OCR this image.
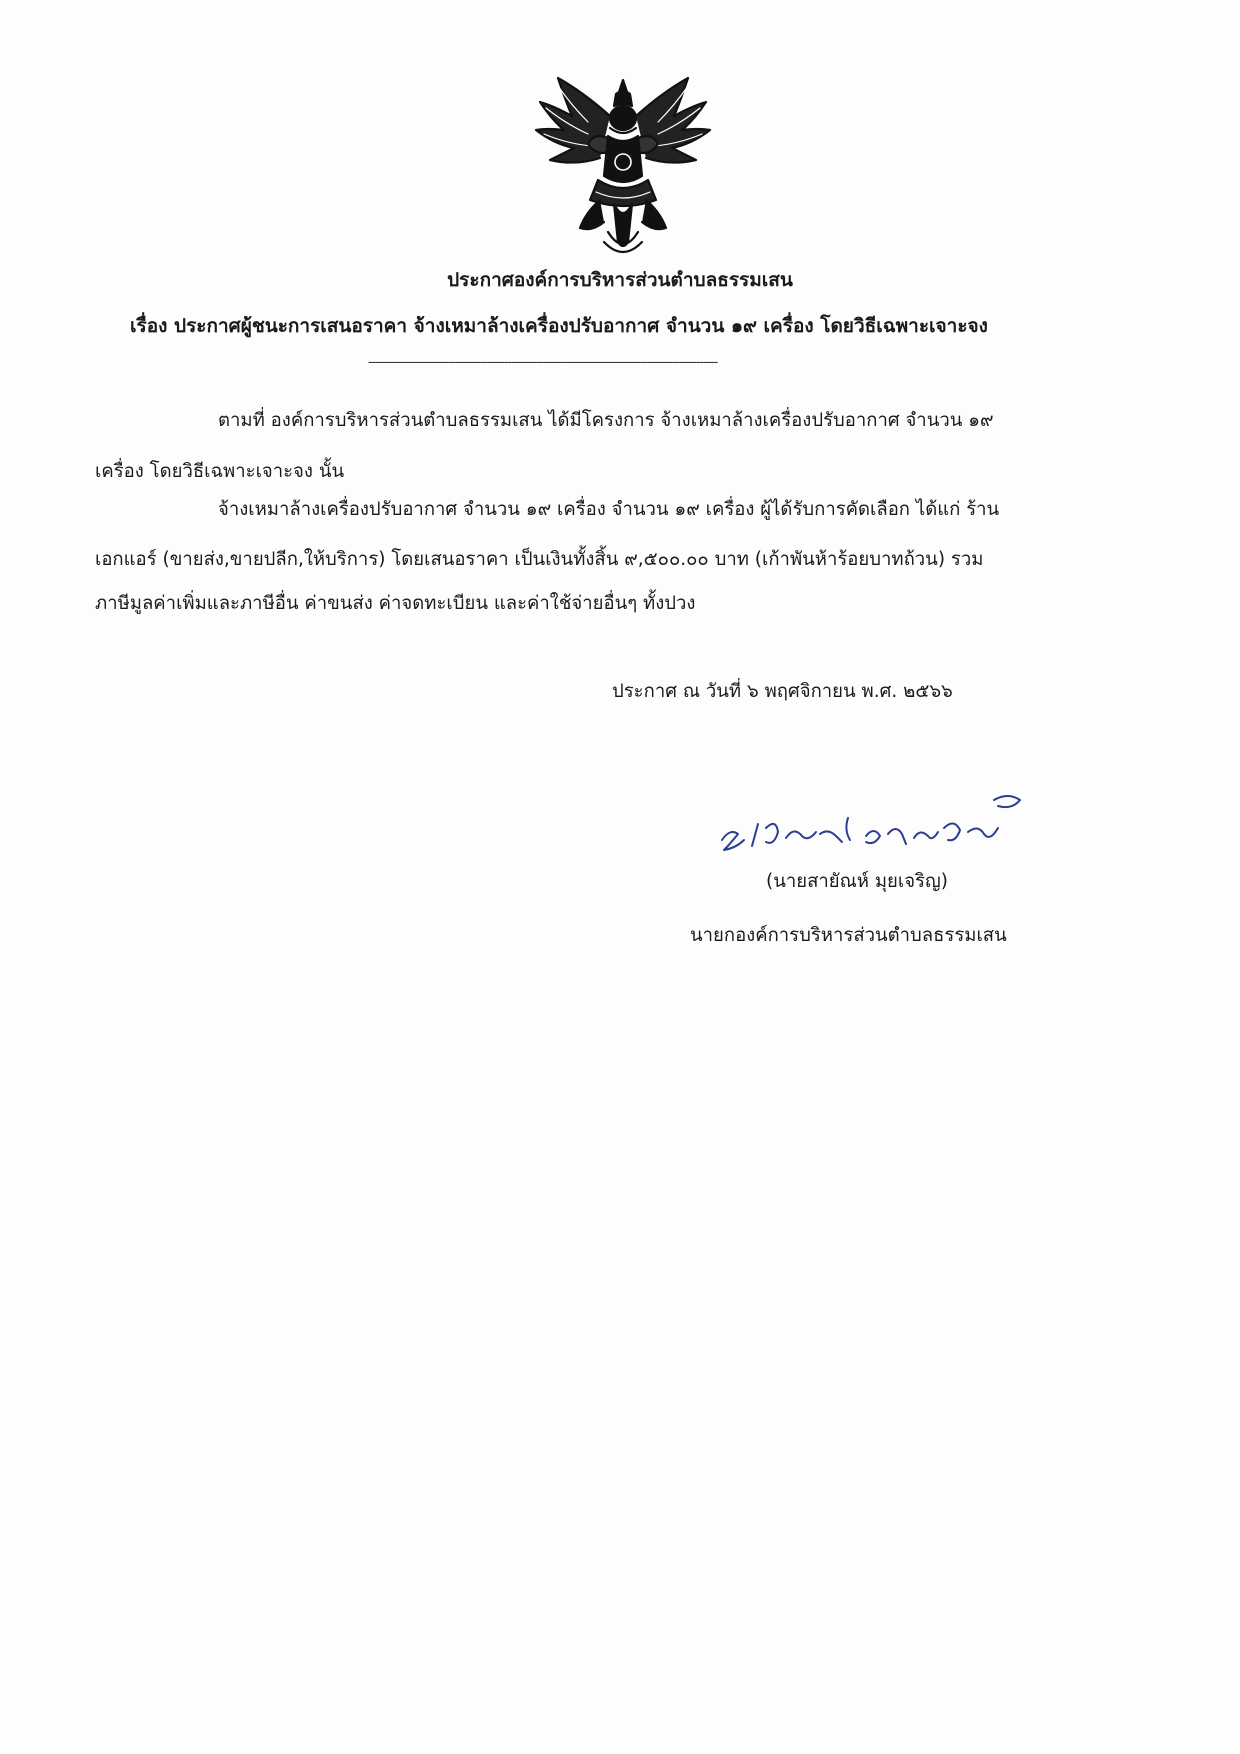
ประกาศองค์การบริหารส่วนตำบลธรรมเสน
เรื่อง ประกาศผู้ชนะการเสนอราคา จ้างเหมาล้างเครื่องปรับอากาศ จำนวน ๑๙ เครื่อง โดยวิธีเฉพาะเจาะจง
----------------------------------------------------------------------------------------------------
ตามที่ องค์การบริหารส่วนตำบลธรรมเสน ได้มีโครงการ จ้างเหมาล้างเครื่องปรับอากาศ จำนวน ๑๙
เครื่อง โดยวิธีเฉพาะเจาะจง นั้น
จ้างเหมาล้างเครื่องปรับอากาศ จำนวน ๑๙ เครื่อง จำนวน ๑๙ เครื่อง ผู้ได้รับการคัดเลือก ได้แก่ ร้าน
เอกแอร์ (ขายส่ง,ขายปลีก,ให้บริการ) โดยเสนอราคา เป็นเงินทั้งสิ้น ๙,๕๐๐.๐๐ บาท (เก้าพันห้าร้อยบาทถ้วน) รวม
ภาษีมูลค่าเพิ่มและภาษีอื่น ค่าขนส่ง ค่าจดทะเบียน และค่าใช้จ่ายอื่นๆ ทั้งปวง
ประกาศ ณ วันที่ ๖ พฤศจิกายน พ.ศ. ๒๕๖๖
(นายสายัณห์ มุยเจริญ)
นายกองค์การบริหารส่วนตำบลธรรมเสน
